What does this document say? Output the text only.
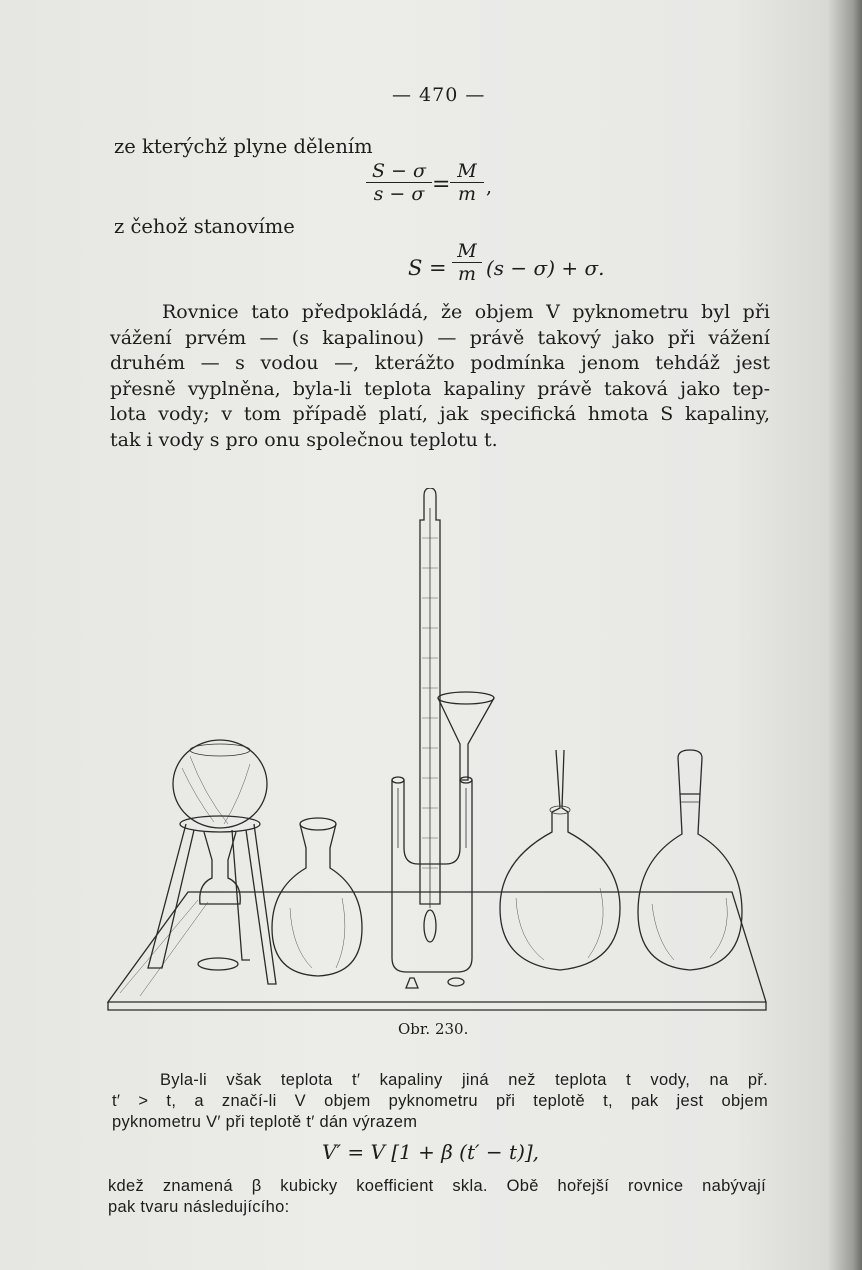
— 470 —
ze kterýchž plyne dělením
$\frac{S - \sigma}{s - \sigma} = \frac{M}{m}$ ,
z čehož stanovíme
$S = \frac{M}{m} (s - \sigma) + \sigma$.
Rovnice tato předpokládá, že objem V pyknometru byl při
vážení prvém — (s kapalinou) — právě takový jako při vážení
druhém — s vodou —, kterážto podmínka jenom tehdáž jest
přesně vyplněna, byla-li teplota kapaliny právě taková jako tep-
lota vody; v tom případě platí, jak specifická hmota S kapaliny,
tak i vody s pro onu společnou teplotu t.
Obr. 230.
Byla-li však teplota t′ kapaliny jiná než teplota t vody, na př.
t′ > t, a značí-li V objem pyknometru při teplotě t, pak jest objem
pyknometru V′ při teplotě t′ dán výrazem
V′ = V [1 + β (t′ − t)],
kdež znamená β kubicky koefficient skla. Obě hořejší rovnice nabývají
pak tvaru následujícího:
